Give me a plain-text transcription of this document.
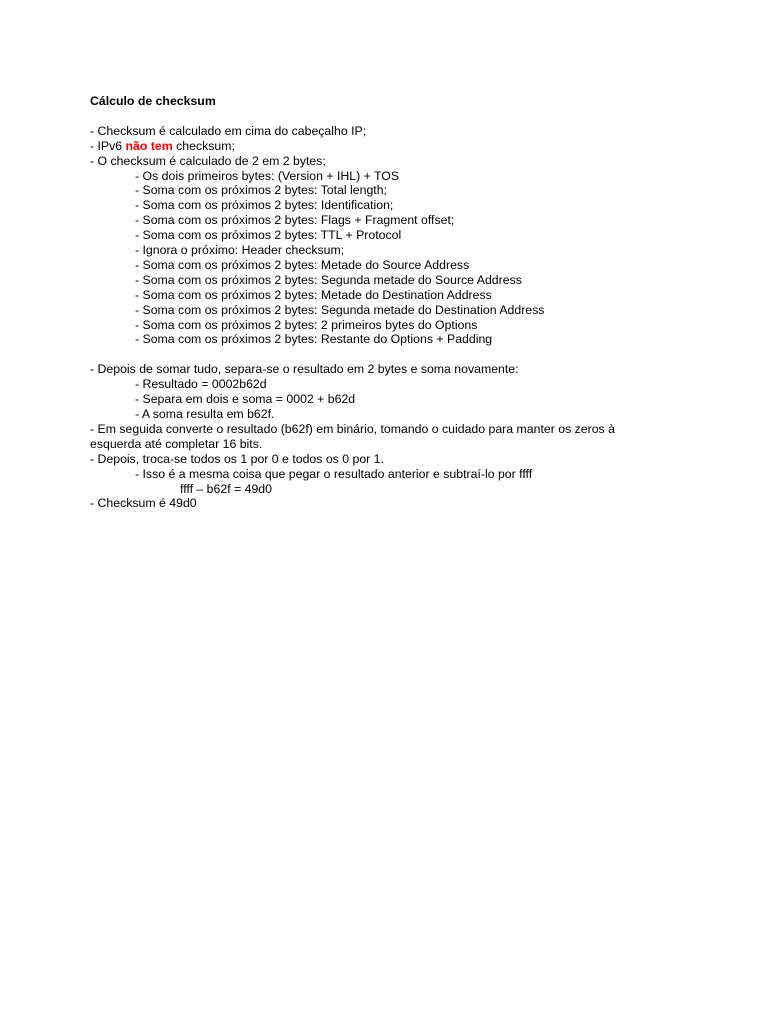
Cálculo de checksum
- Checksum é calculado em cima do cabeçalho IP;
- IPv6 não tem checksum;
- O checksum é calculado de 2 em 2 bytes;
- Os dois primeiros bytes: (Version + IHL) + TOS
- Soma com os próximos 2 bytes: Total length;
- Soma com os próximos 2 bytes: Identification;
- Soma com os próximos 2 bytes: Flags + Fragment offset;
- Soma com os próximos 2 bytes: TTL + Protocol
- Ignora o próximo: Header checksum;
- Soma com os próximos 2 bytes: Metade do Source Address
- Soma com os próximos 2 bytes: Segunda metade do Source Address
- Soma com os próximos 2 bytes: Metade do Destination Address
- Soma com os próximos 2 bytes: Segunda metade do Destination Address
- Soma com os próximos 2 bytes: 2 primeiros bytes do Options
- Soma com os próximos 2 bytes: Restante do Options + Padding
- Depois de somar tudo, separa-se o resultado em 2 bytes e soma novamente:
- Resultado = 0002b62d
- Separa em dois e soma = 0002 + b62d
- A soma resulta em b62f.
- Em seguida converte o resultado (b62f) em binário, tomando o cuidado para manter os zeros à esquerda até completar 16 bits.
- Depois, troca-se todos os 1 por 0 e todos os 0 por 1.
- Isso é a mesma coisa que pegar o resultado anterior e subtraí-lo por ffff
ffff – b62f = 49d0
- Checksum é 49d0
